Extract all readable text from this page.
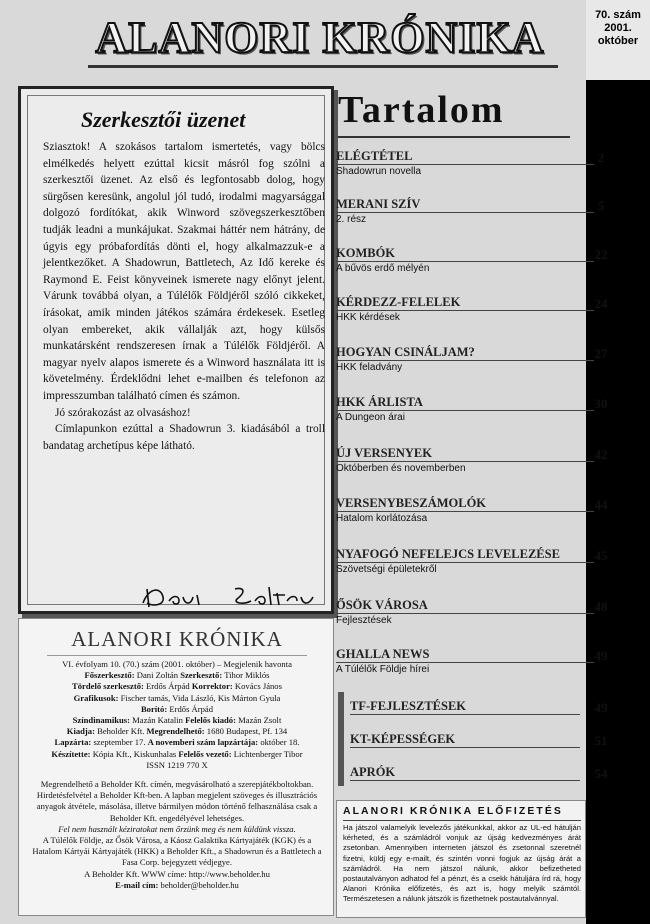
70. szám
2001.
október
ALANORI KRÓNIKA
Szerkesztői üzenet

Sziasztok! A szokásos tartalom ismertetés, vagy bölcs elmélkedés helyett ezúttal kicsit másról fog szólni a szerkesztői üzenet. Az első és legfontosabb dolog, hogy sürgősen keresünk, angolul jól tudó, irodalmi magyarsággal dolgozó fordítókat, akik Winword szövegszerkesztőben tudják leadni a munkájukat. Szakmai háttér nem hátrány, de úgyis egy próbafordítás dönti el, hogy alkalmazzuk-e a jelentkezőket. A Shadowrun, Battletech, Az Idő kereke és Raymond E. Feist könyveinek ismerete nagy előnyt jelent. Várunk továbbá olyan, a Túlélők Földjéről szóló cikkeket, írásokat, amik minden játékos számára érdekesek. Esetleg olyan embereket, akik vállalják azt, hogy külsős munkatársként rendszeresen írnak a Túlélők Földjéről. A magyar nyelv alapos ismerete és a Winword használata itt is követelmény. Érdeklődni lehet e-mailben és telefonon az impresszumban található címen és számon.

Jó szórakozást az olvasáshoz!

Címlapunkon ezúttal a Shadowrun 3. kiadásából a troll bandatag archetípus képe látható.

Tartalom
ELÉGTÉTEL
Shadowrun novella
2
MERANI SZÍV
2. rész
5
KOMBÓK
A bűvös erdő mélyén
22
KÉRDEZZ-FELELEK
HKK kérdések
24
HOGYAN CSINÁLJAM?
HKK feladvány
27
HKK ÁRLISTA
A Dungeon árai
30
ÚJ VERSENYEK
Októberben és novemberben
42
VERSENYBESZÁMOLÓK
Hatalom korlátozása
44
NYAFOGÓ NEFELEJCS LEVELEZÉSE
Szövetségi épületekről
45
ŐSÖK VÁROSA
Fejlesztések
48
GHALLA NEWS
A Túlélők Földje hírei
49
TF-FEJLESZTÉSEK	49
KT-KÉPESSÉGEK	51
APRÓK	54
ALANORI KRÓNIKA
VI. évfolyam 10. (70.) szám (2001. október) – Megjelenik havonta
Főszerkesztő: Dani Zoltán Szerkesztő: Tihor Miklós
Tördelő szerkesztő: Erdős Árpád Korrektor: Kovács János
Grafikusok: Fischer tamás, Vida László, Kis Márton Gyula
Borító: Erdős Árpád
Színdinamikus: Mazán Katalin Felelős kiadó: Mazán Zsolt
Kiadja: Beholder Kft. Megrendelhető: 1680 Budapest, Pf. 134
Lapzárta: szeptember 17. A novemberi szám lapzártája: október 18.
Készítette: Kópia Kft., Kiskunhalas Felelős vezető: Lichtenberger Tibor
ISSN 1219 770 X
Megrendelhető a Beholder Kft. címén, megvásárolható a szerepjátékboltokban. Hirdetésfelvétel a Beholder Kft-ben. A lapban megjelent szöveges és illusztrációs anyagok átvétele, másolása, illetve bármilyen módon történő felhasználása csak a Beholder Kft. engedélyével lehetséges.
Fel nem használt kéziratokat nem őrzünk meg és nem küldünk vissza.
A Túlélők Földje, az Ősök Városa, a Káosz Galaktika Kártyajáték (KGK) és a Hatalom Kártyái Kártyajáték (HKK) a Beholder Kft., a Shadowrun és a Battletech a Fasa Corp. bejegyzett védjegye.
A Beholder Kft. WWW címe: http://www.beholder.hu
E-mail cím: beholder@beholder.hu
ALANORI KRÓNIKA ELŐFIZETÉS
Ha játszol valamelyik levelezős játékunkkal, akkor az UL-ed hátulján kérheted, és a számládról vonjuk az újság kedvezményes árát zsetonban. Amennyiben interneten játszol és zsetonnal szeretnél fizetni, küldj egy e-mailt, és szintén vonni fogjuk az újság árát a számládról. Ha nem játszol nálunk, akkor befizetheted postautalványon adhatod fel a pénzt, és a csekk hátuljára írd rá, hogy Alanori Krónika előfizetés, és azt is, hogy melyik számtól. Természetesen a nálunk játszók is fizethetnek postautalvánnyal.
